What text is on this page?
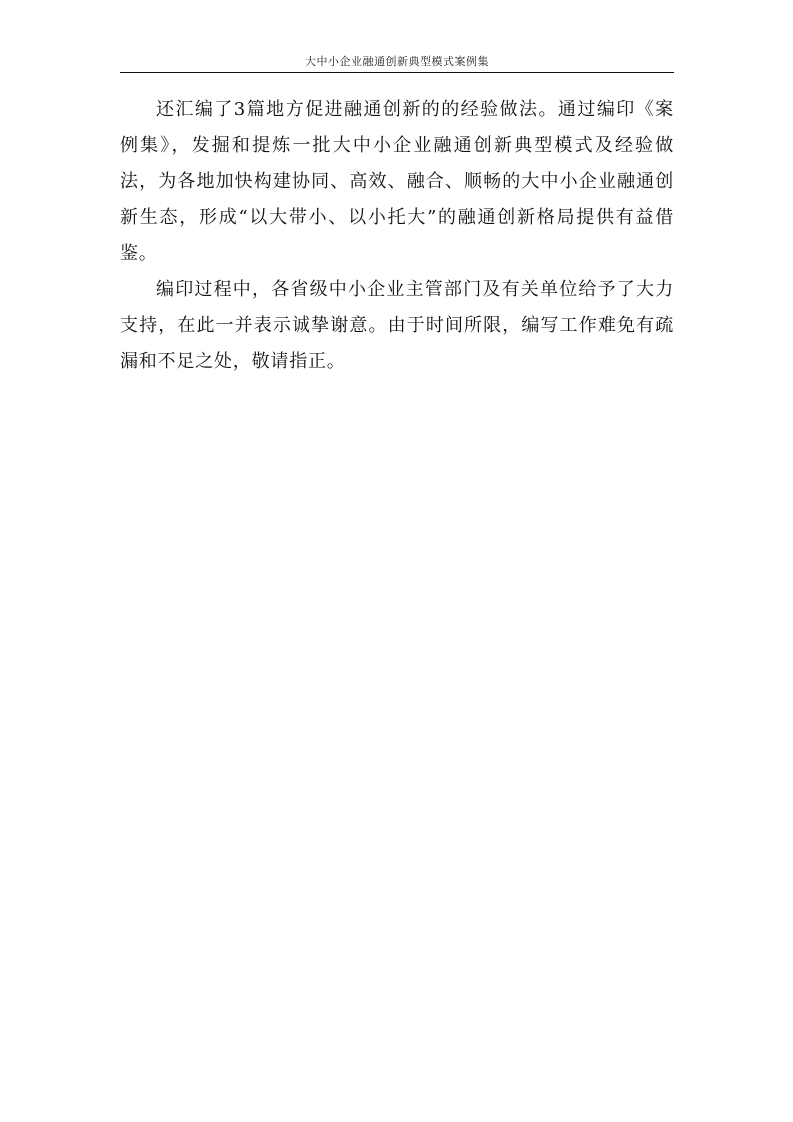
大中小企业融通创新典型模式案例集

还汇编了3篇地方促进融通创新的的经验做法。通过编印《案例集》，发掘和提炼一批大中小企业融通创新典型模式及经验做法，为各地加快构建协同、高效、融合、顺畅的大中小企业融通创新生态，形成“以大带小、以小托大”的融通创新格局提供有益借鉴。

编印过程中，各省级中小企业主管部门及有关单位给予了大力支持，在此一并表示诚挚谢意。由于时间所限，编写工作难免有疏漏和不足之处，敬请指正。
